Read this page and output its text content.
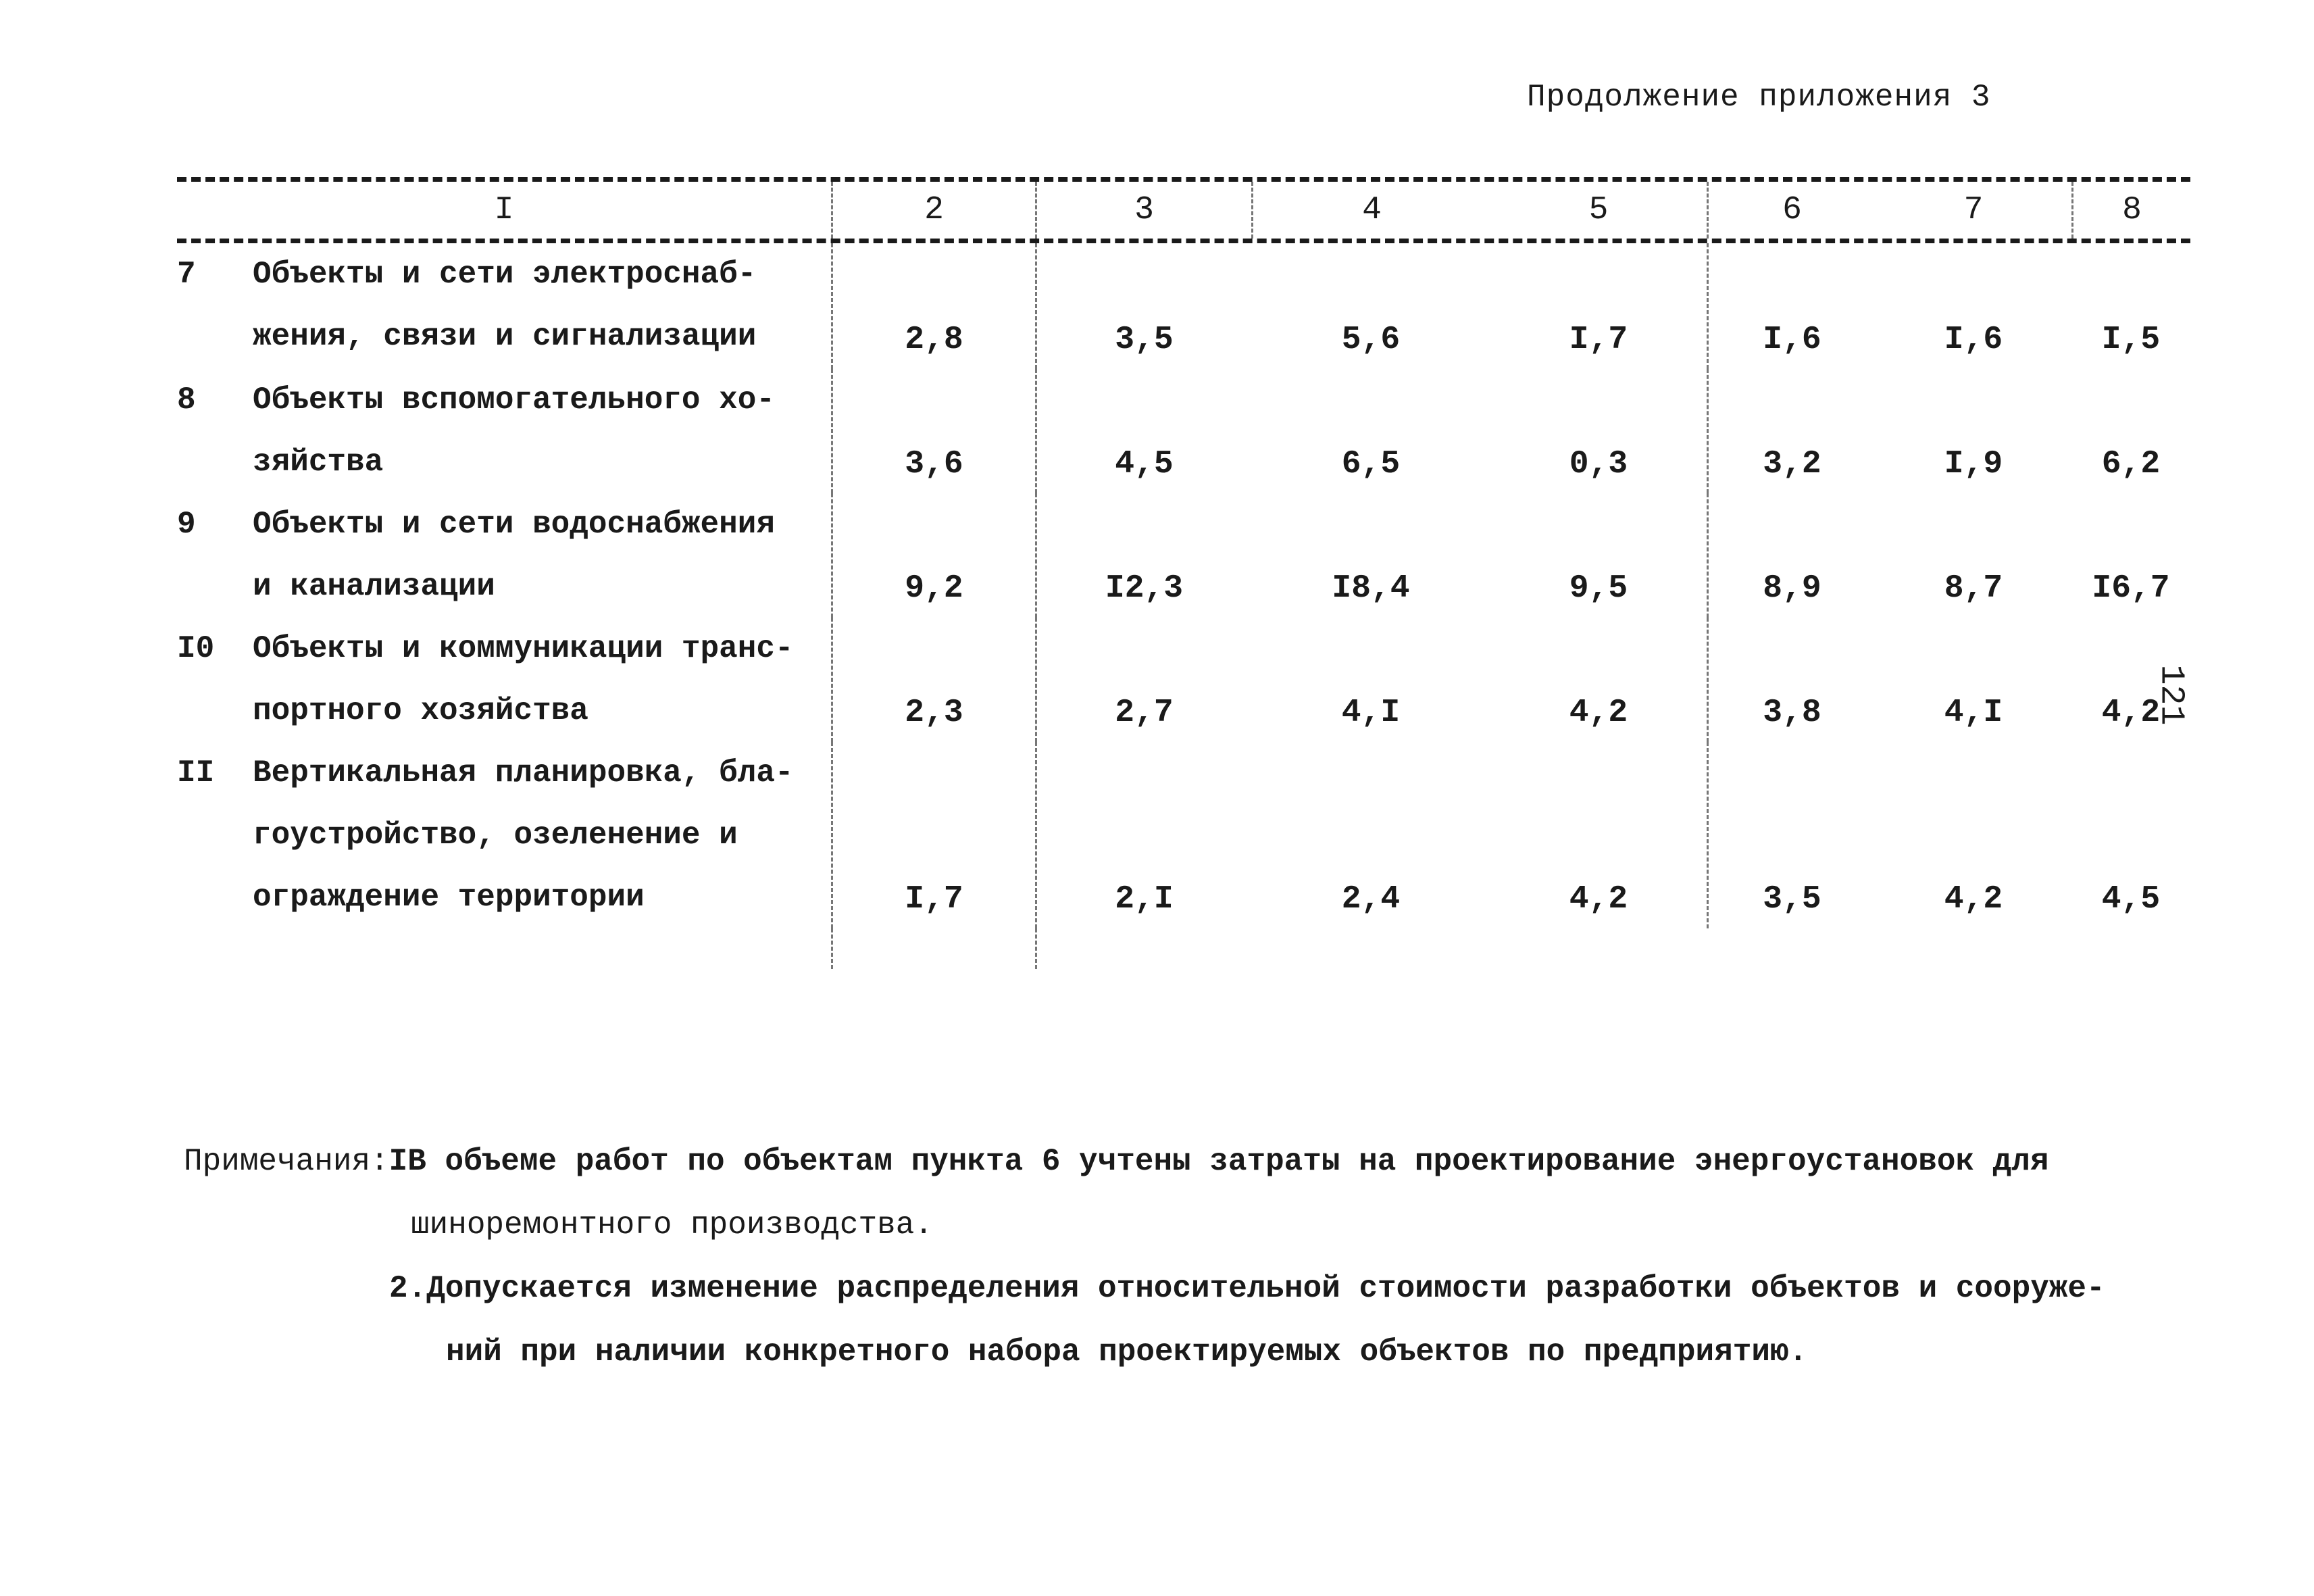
Продолжение приложения 3
121
I	2	3	4	5	6	7	8
7	Объекты и сети электроснаб-
жения, связи и сигнализации	2,8	3,5	5,6	I,7	I,6	I,6	I,5
8	Объекты вспомогательного хо-
зяйства	3,6	4,5	6,5	0,3	3,2	I,9	6,2
9	Объекты и сети водоснабжения
и канализации	9,2	I2,3	I8,4	9,5	8,9	8,7	I6,7
I0	Объекты и коммуникации транс-
портного хозяйства	2,3	2,7	4,I	4,2	3,8	4,I	4,2
II	Вертикальная планировка, бла-
гоустройство, озеленение и
ограждение территории	I,7	2,I	2,4	4,2	3,5	4,2	4,5
Примечания:IВ объеме работ по объектам пункта 6 учтены затраты на проектирование энергоустановок для
шиноремонтного производства.
2.Допускается изменение распределения относительной стоимости разработки объектов и сооруже-
ний при наличии конкретного набора проектируемых объектов по предприятию.
